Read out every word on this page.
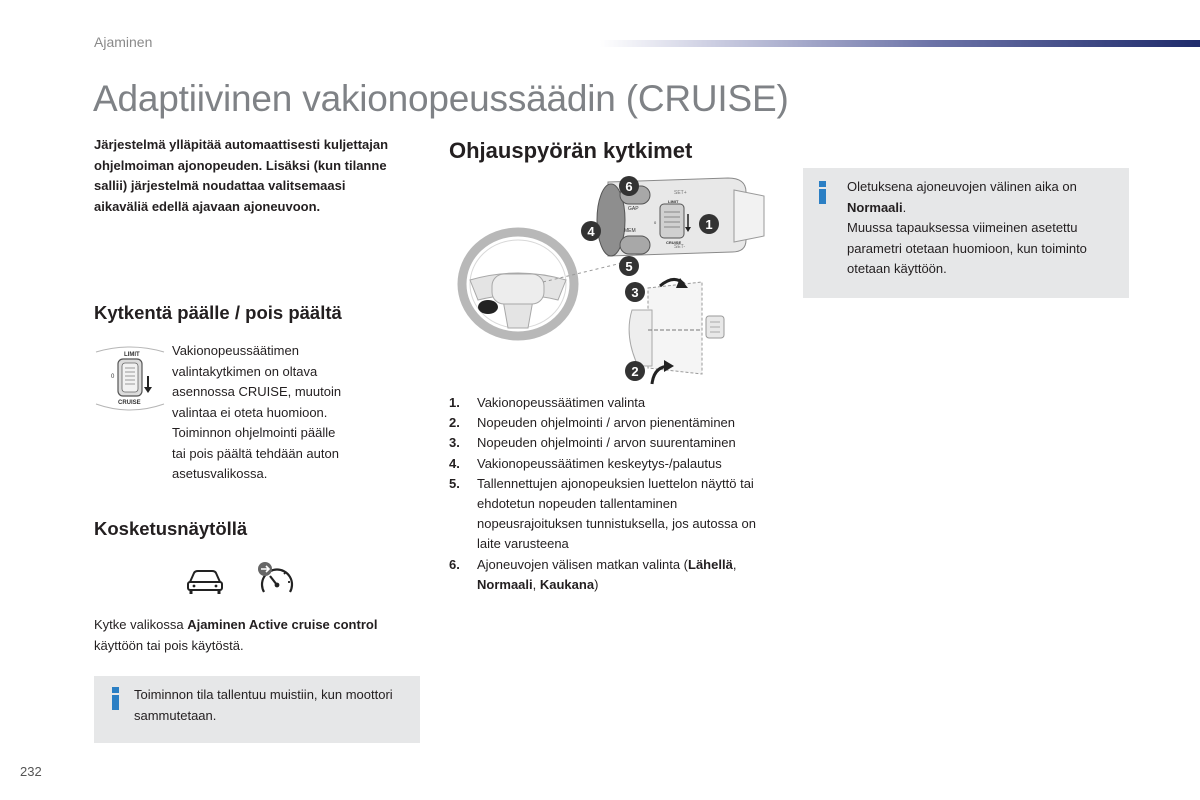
Ajaminen
Adaptiivinen vakionopeussäädin (CRUISE)
Järjestelmä ylläpitää automaattisesti kuljettajan ohjelmoiman ajonopeuden. Lisäksi (kun tilanne sallii) järjestelmä noudattaa valitsemaasi aikaväliä edellä ajavaan ajoneuvoon.
Kytkentä päälle / pois päältä
LIMIT
0
CRUISE
Vakionopeussäätimen
valintakytkimen on oltava
asennossa CRUISE, muutoin
valintaa ei oteta huomioon.
Toiminnon ohjelmointi päälle
tai pois päältä tehdään auton
asetusvalikossa.
Kosketusnäytöllä
Kytke valikossa Ajaminen Active cruise control käyttöön tai pois käytöstä.
Toiminnon tila tallentuu muistiin, kun moottori sammutetaan.
Ohjauspyörän kytkimet
GAP
SET+
SET-
MEM
LIMIT
0
CRUISE
6
1
4
5
3
2
1. Vakionopeussäätimen valinta
2. Nopeuden ohjelmointi / arvon pienentäminen
3. Nopeuden ohjelmointi / arvon suurentaminen
4. Vakionopeussäätimen keskeytys-/palautus
5. Tallennettujen ajonopeuksien luettelon näyttö tai ehdotetun nopeuden tallentaminen nopeusrajoituksen tunnistuksella, jos autossa on laite varusteena
6. Ajoneuvojen välisen matkan valinta (Lähellä, Normaali, Kaukana)
Oletuksena ajoneuvojen välinen aika on
Normaali.
Muussa tapauksessa viimeinen asetettu parametri otetaan huomioon, kun toiminto otetaan käyttöön.
232
